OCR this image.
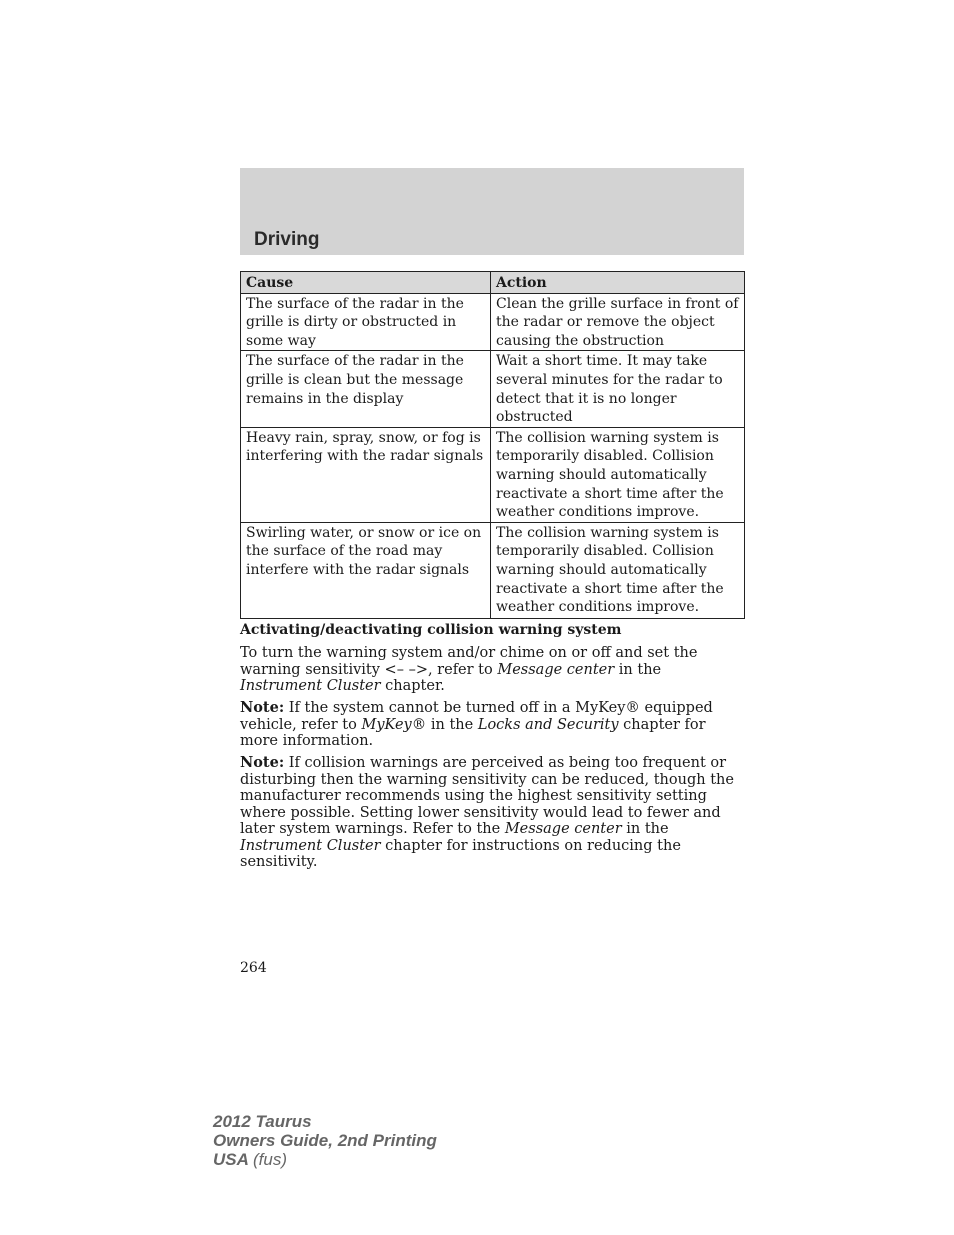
Driving
Cause	Action
The surface of the radar in the grille is dirty or obstructed in some way	Clean the grille surface in front of the radar or remove the object causing the obstruction
The surface of the radar in the grille is clean but the message remains in the display	Wait a short time. It may take several minutes for the radar to detect that it is no longer obstructed
Heavy rain, spray, snow, or fog is interfering with the radar signals	The collision warning system is temporarily disabled. Collision warning should automatically reactivate a short time after the weather conditions improve.
Swirling water, or snow or ice on the surface of the road may interfere with the radar signals	The collision warning system is temporarily disabled. Collision warning should automatically reactivate a short time after the weather conditions improve.

Activating/deactivating collision warning system

To turn the warning system and/or chime on or off and set the warning sensitivity <– –>, refer to Message center in the Instrument Cluster chapter.

Note: If the system cannot be turned off in a MyKey® equipped vehicle, refer to MyKey® in the Locks and Security chapter for more information.

Note: If collision warnings are perceived as being too frequent or disturbing then the warning sensitivity can be reduced, though the manufacturer recommends using the highest sensitivity setting where possible. Setting lower sensitivity would lead to fewer and later system warnings. Refer to the Message center in the Instrument Cluster chapter for instructions on reducing the sensitivity.

264
2012 Taurus
Owners Guide, 2nd Printing
USA (fus)
